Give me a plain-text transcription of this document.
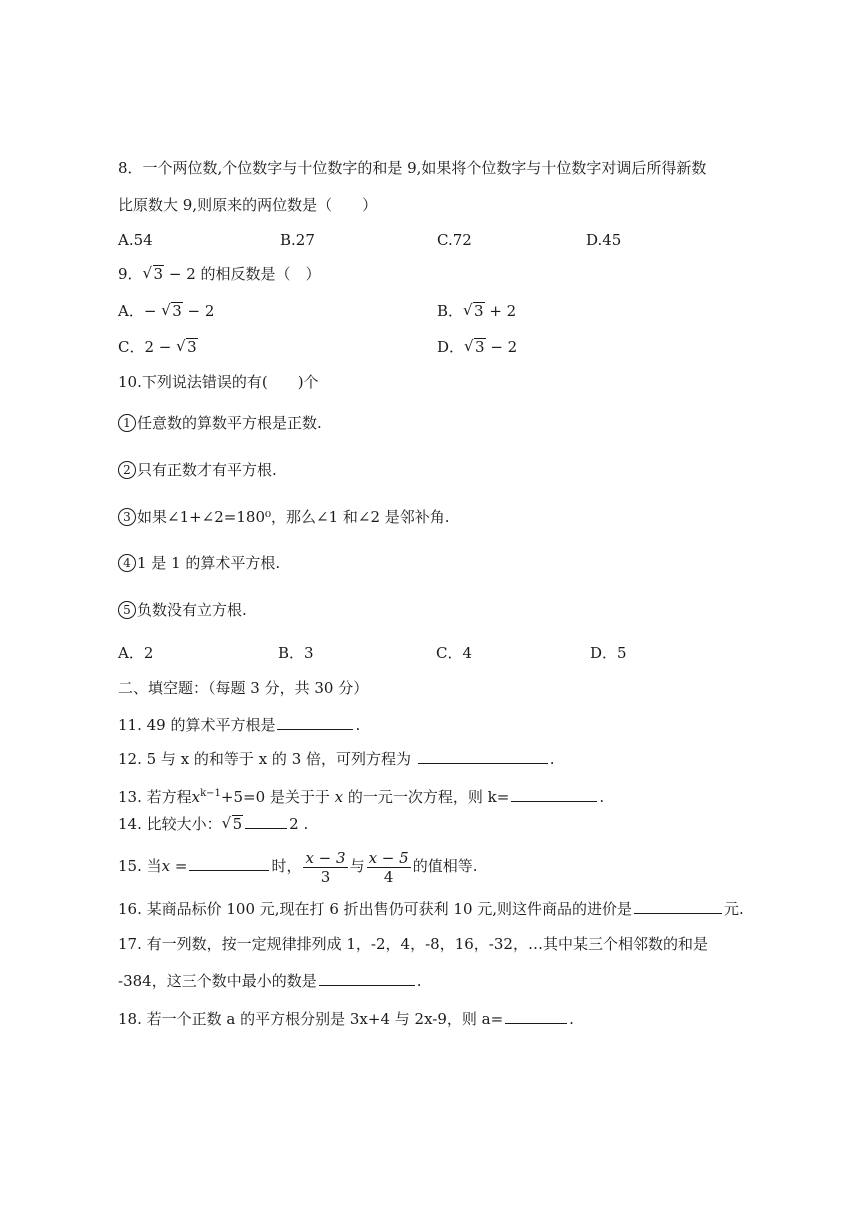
8．一个两位数,个位数字与十位数字的和是 9,如果将个位数字与十位数字对调后所得新数
比原数大 9,则原来的两位数是（　　）
A.54	B.27	C.72	D.45
9． √ 3 − 2 的相反数是（　）
A．− √ 3 − 2	B． √ 3 + 2
C．2 − √ 3	D． √ 3 − 2
10.下列说法错误的有(　　)个
1 任意数的算数平方根是正数.
2 只有正数才有平方根.
3 如果∠1+∠2=180⁰，那么∠1 和∠2 是邻补角.
4 1 是 1 的算术平方根.
5 负数没有立方根.
A．2	B．3	C．4	D．5
二、填空题：（每题 3 分，共 30 分）
11. 49 的算术平方根是	.
12. 5 与 x 的和等于 x 的 3 倍，可列方程为	.
13. 若方程$x^{k-1}+5=0$ 是关于于 x 的一元一次方程，则 k=	.
14. 比较大小： √ 5	2 .
15. 当x =	时， $\frac{x - 3}{3}$ 与 $\frac{x - 5}{4}$ 的值相等.
16. 某商品标价 100 元,现在打 6 折出售仍可获利 10 元,则这件商品的进价是	元.
17. 有一列数，按一定规律排列成 1，-2，4，-8，16，-32，…其中某三个相邻数的和是
-384，这三个数中最小的数是	.
18. 若一个正数 a 的平方根分别是 3x+4 与 2x-9，则 a=	.
